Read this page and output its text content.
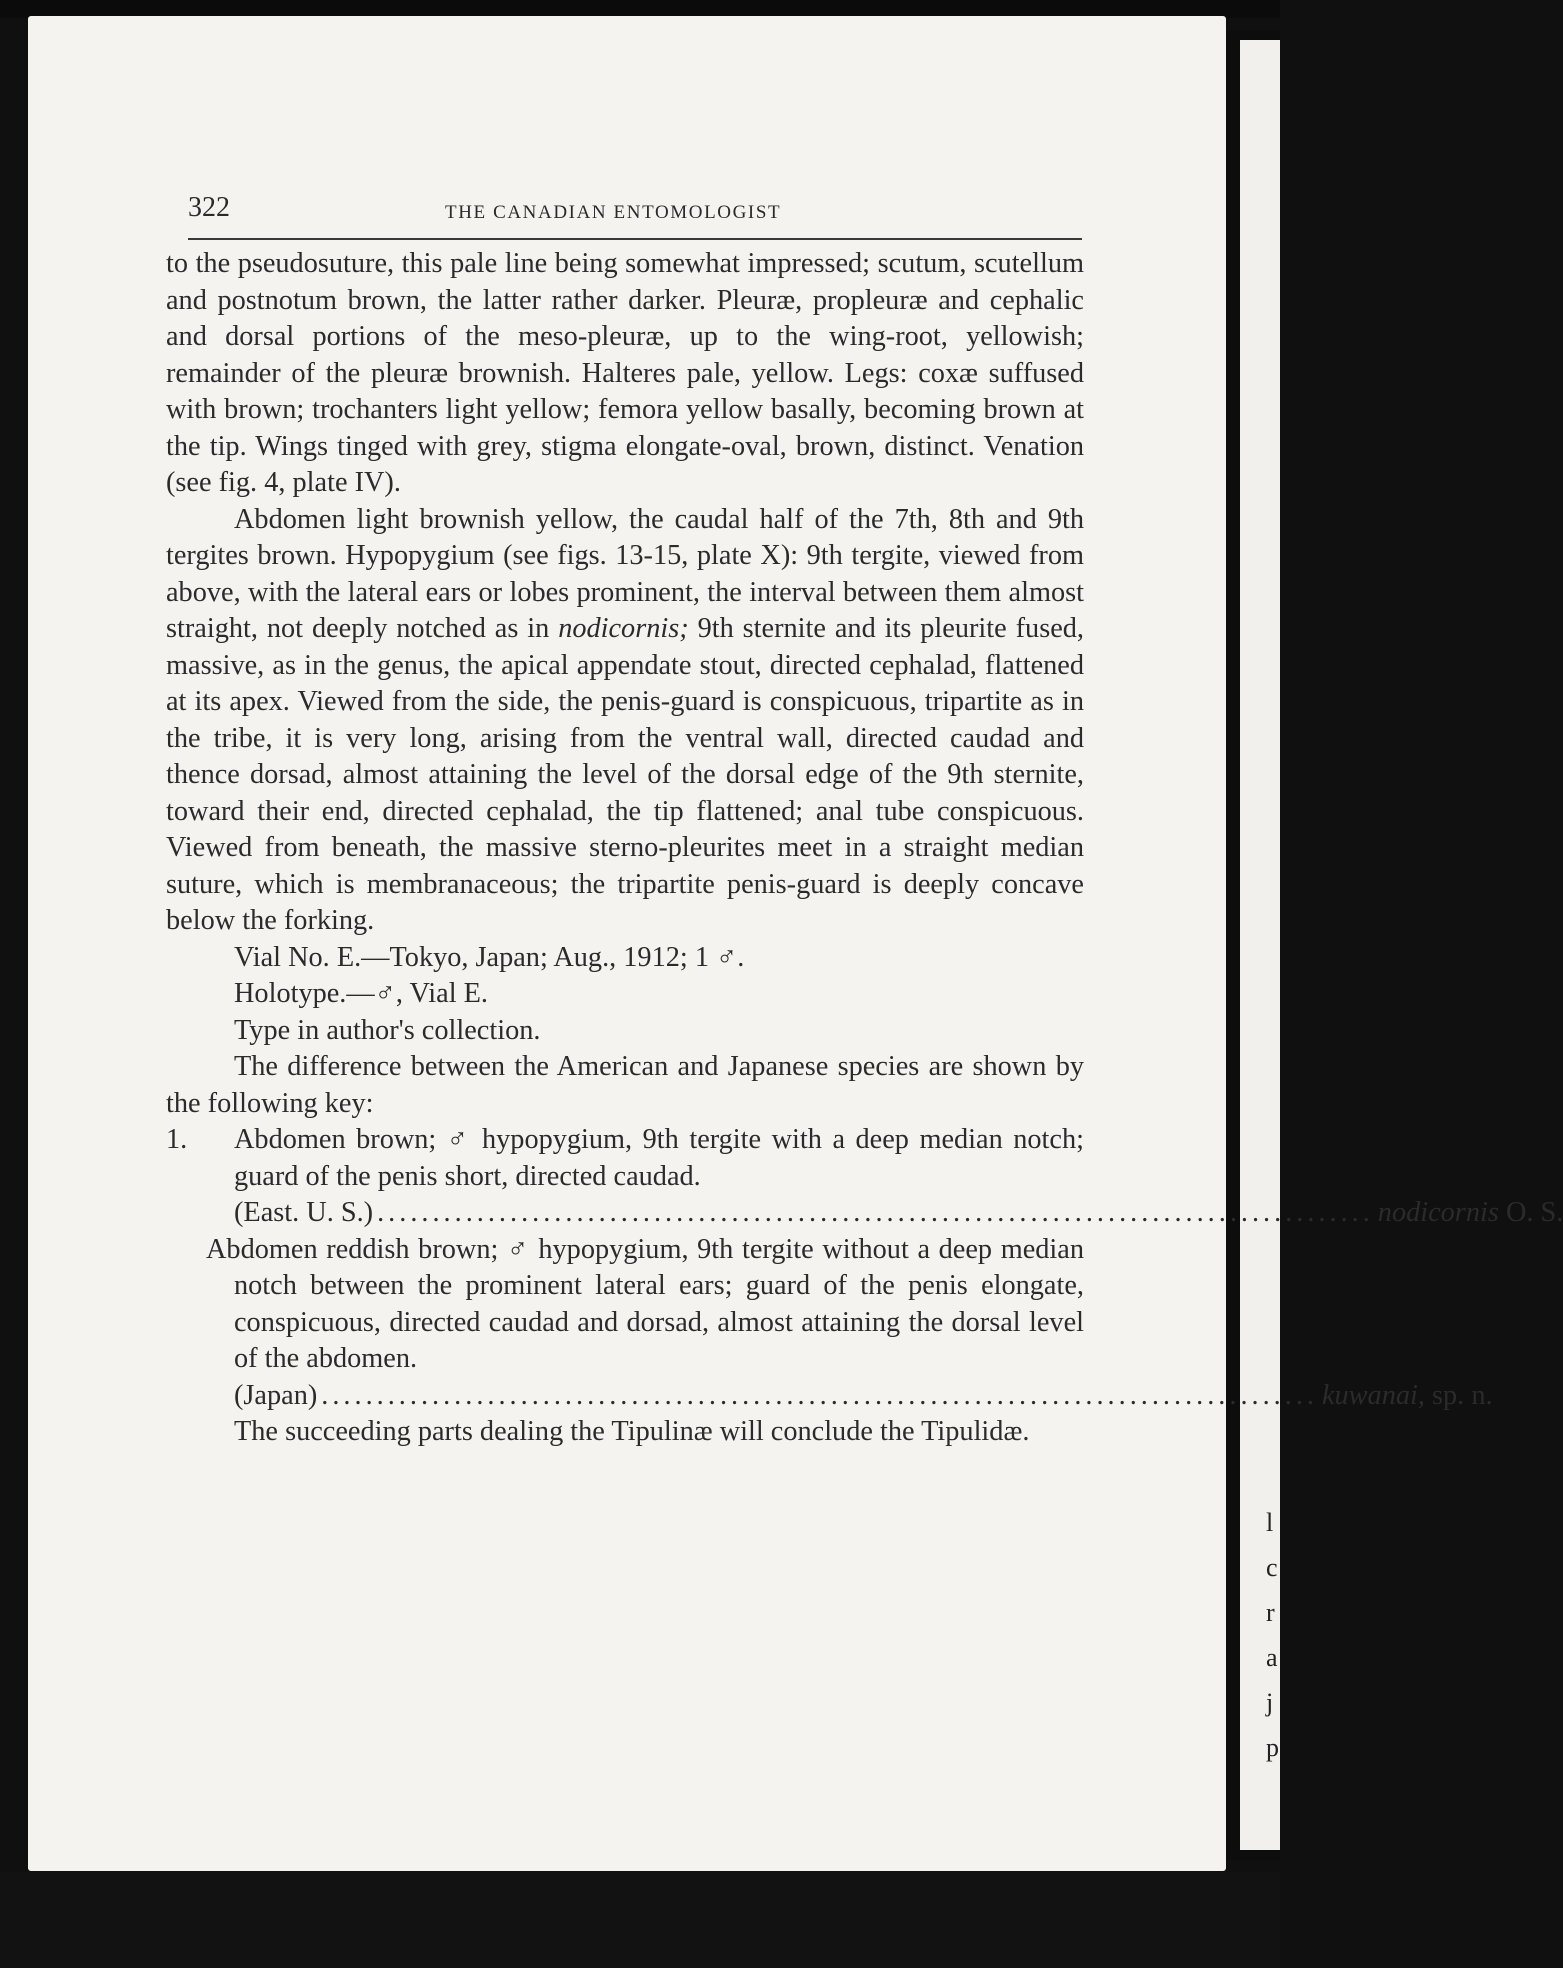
l
c
r
a
j
p
322	THE CANADIAN ENTOMOLOGIST

to the pseudosuture, this pale line being somewhat impressed; scutum, scutellum and postnotum brown, the latter rather darker. Pleuræ, propleuræ and cephalic and dorsal portions of the meso-pleuræ, up to the wing-root, yellowish; remainder of the pleuræ brownish. Halteres pale, yellow. Legs: coxæ suffused with brown; trochanters light yellow; femora yellow basally, becoming brown at the tip. Wings tinged with grey, stigma elongate-oval, brown, distinct. Venation (see fig. 4, plate IV).

Abdomen light brownish yellow, the caudal half of the 7th, 8th and 9th tergites brown. Hypopygium (see figs. 13-15, plate X): 9th tergite, viewed from above, with the lateral ears or lobes prominent, the interval between them almost straight, not deeply notched as in nodicornis; 9th sternite and its pleurite fused, massive, as in the genus, the apical appendate stout, directed cephalad, flattened at its apex. Viewed from the side, the penis-guard is conspicuous, tripartite as in the tribe, it is very long, arising from the ventral wall, directed caudad and thence dorsad, almost attaining the level of the dorsal edge of the 9th sternite, toward their end, directed cephalad, the tip flattened; anal tube conspicuous. Viewed from beneath, the massive sterno-pleurites meet in a straight median suture, which is membranaceous; the tripartite penis-guard is deeply concave below the forking.

Vial No. E.—Tokyo, Japan; Aug., 1912; 1 ♂.

Holotype.—♂, Vial E.

Type in author's collection.

The difference between the American and Japanese species are shown by the following key:

1.	Abdomen brown; ♂ hypopygium, 9th tergite with a deep median notch; guard of the penis short, directed caudad.
(East. U. S.) .......................................................................................... nodicornis
O. S.

Abdomen reddish brown; ♂ hypopygium, 9th tergite without a deep median notch between the prominent lateral ears; guard of the penis elongate, conspicuous, directed caudad and dorsad, almost attaining the dorsal level of the abdomen.
(Japan) .......................................................................................... kuwanai,
sp. n.

The succeeding parts dealing the Tipulinæ will conclude the Tipulidæ.
